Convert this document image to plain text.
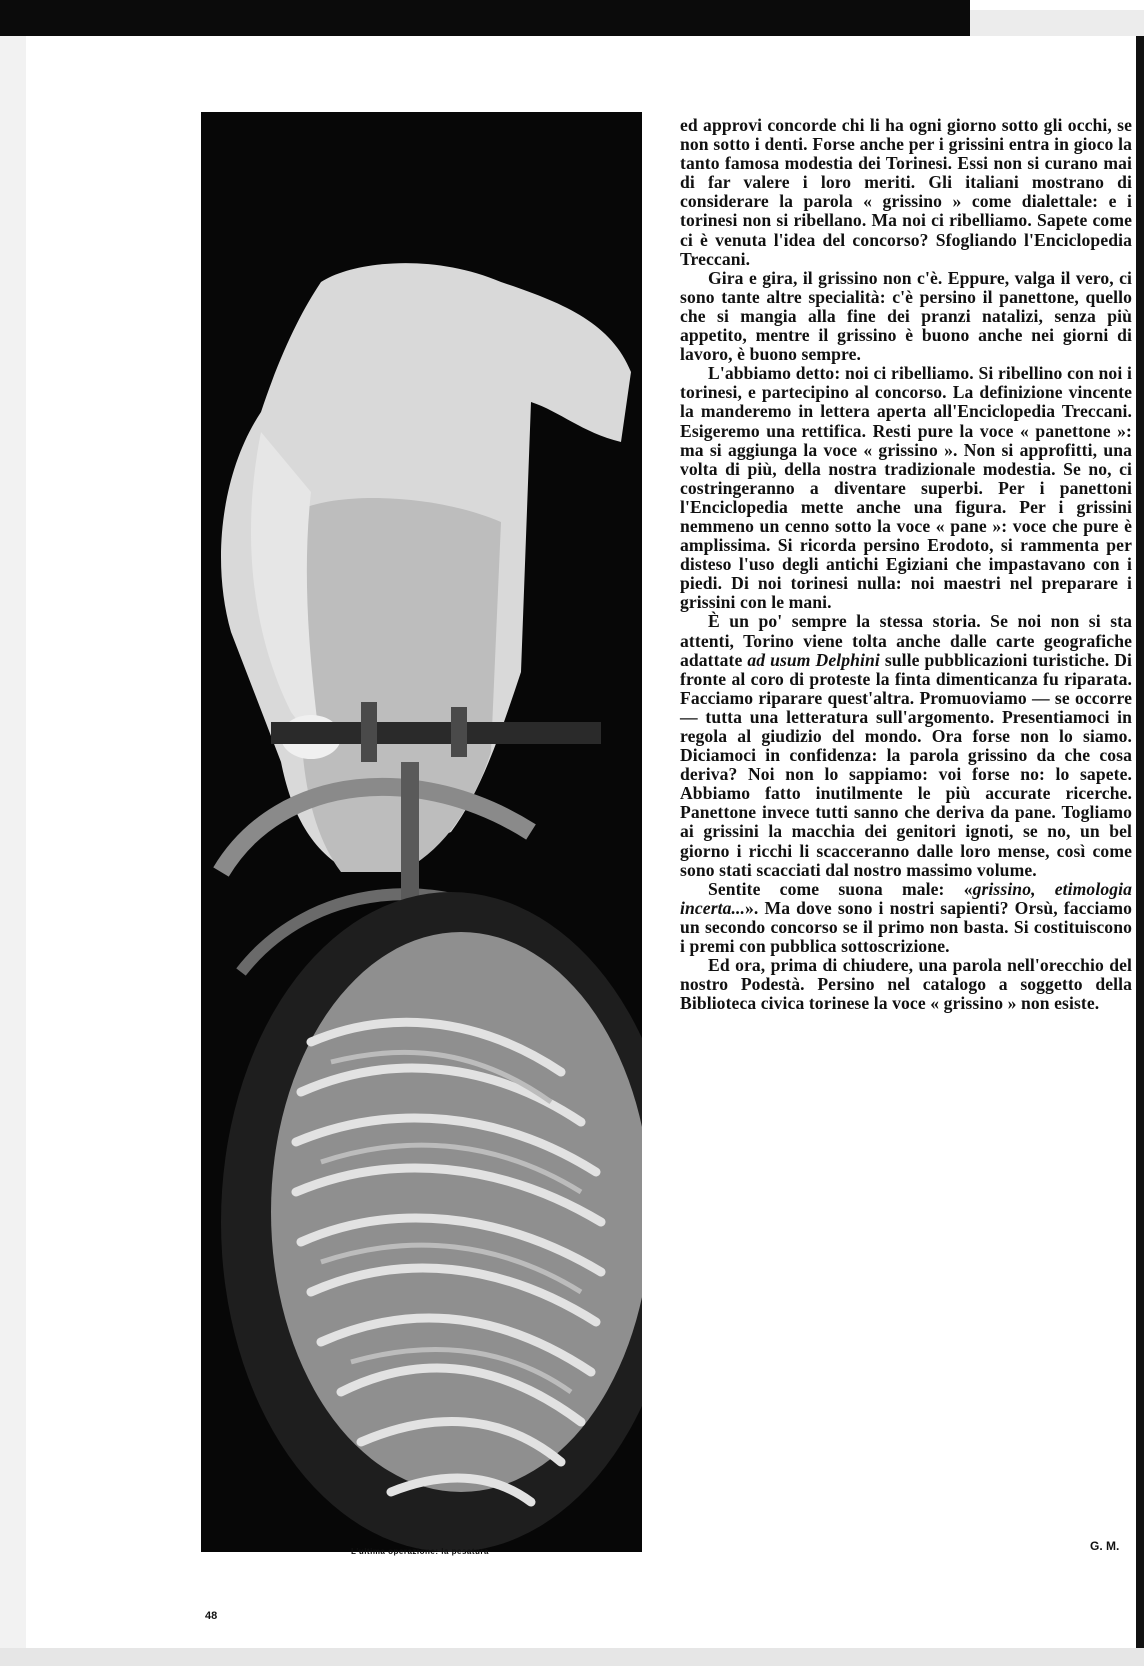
L'ultima operazione: la pesatura
48

ed approvi concorde chi li ha ogni giorno sotto gli occhi, se non sotto i denti. Forse anche per i grissini entra in gioco la tanto famosa modestia dei Torinesi. Essi non si curano mai di far valere i loro meriti. Gli italiani mostrano di considerare la parola « grissino » come dialettale: e i torinesi non si ribellano. Ma noi ci ribelliamo. Sapete come ci è venuta l'idea del concorso? Sfogliando l'Enciclopedia Treccani.

Gira e gira, il grissino non c'è. Eppure, valga il vero, ci sono tante altre specialità: c'è persino il panettone, quello che si mangia alla fine dei pranzi natalizi, senza più appetito, mentre il grissino è buono anche nei giorni di lavoro, è buono sempre.

L'abbiamo detto: noi ci ribelliamo. Si ribellino con noi i torinesi, e partecipino al concorso. La definizione vincente la manderemo in lettera aperta all'Enciclopedia Treccani. Esigeremo una rettifica. Resti pure la voce « panettone »: ma si aggiunga la voce « grissino ». Non si approfitti, una volta di più, della nostra tradizionale modestia. Se no, ci costringeranno a diventare superbi. Per i panettoni l'Enciclopedia mette anche una figura. Per i grissini nemmeno un cenno sotto la voce « pane »: voce che pure è amplissima. Si ricorda persino Erodoto, si rammenta per disteso l'uso degli antichi Egiziani che impastavano con i piedi. Di noi torinesi nulla: noi maestri nel preparare i grissini con le mani.

È un po' sempre la stessa storia. Se noi non si sta attenti, Torino viene tolta anche dalle carte geografiche adattate ad usum Delphini sulle pubblicazioni turistiche. Di fronte al coro di proteste la finta dimenticanza fu riparata. Facciamo riparare quest'altra. Promuoviamo — se occorre — tutta una letteratura sull'argomento. Presentiamoci in regola al giudizio del mondo. Ora forse non lo siamo. Diciamoci in confidenza: la parola grissino da che cosa deriva? Noi non lo sappiamo: voi forse no: lo sapete. Abbiamo fatto inutilmente le più accurate ricerche. Panettone invece tutti sanno che deriva da pane. Togliamo ai grissini la macchia dei genitori ignoti, se no, un bel giorno i ricchi li scacceranno dalle loro mense, così come sono stati scacciati dal nostro massimo volume.

Sentite come suona male: «grissino, etimologia incerta...». Ma dove sono i nostri sapienti? Orsù, facciamo un secondo concorso se il primo non basta. Si costituiscono i premi con pubblica sottoscrizione.

Ed ora, prima di chiudere, una parola nell'orecchio del nostro Podestà. Persino nel catalogo a soggetto della Biblioteca civica torinese la voce « grissino » non esiste.

G. M.
